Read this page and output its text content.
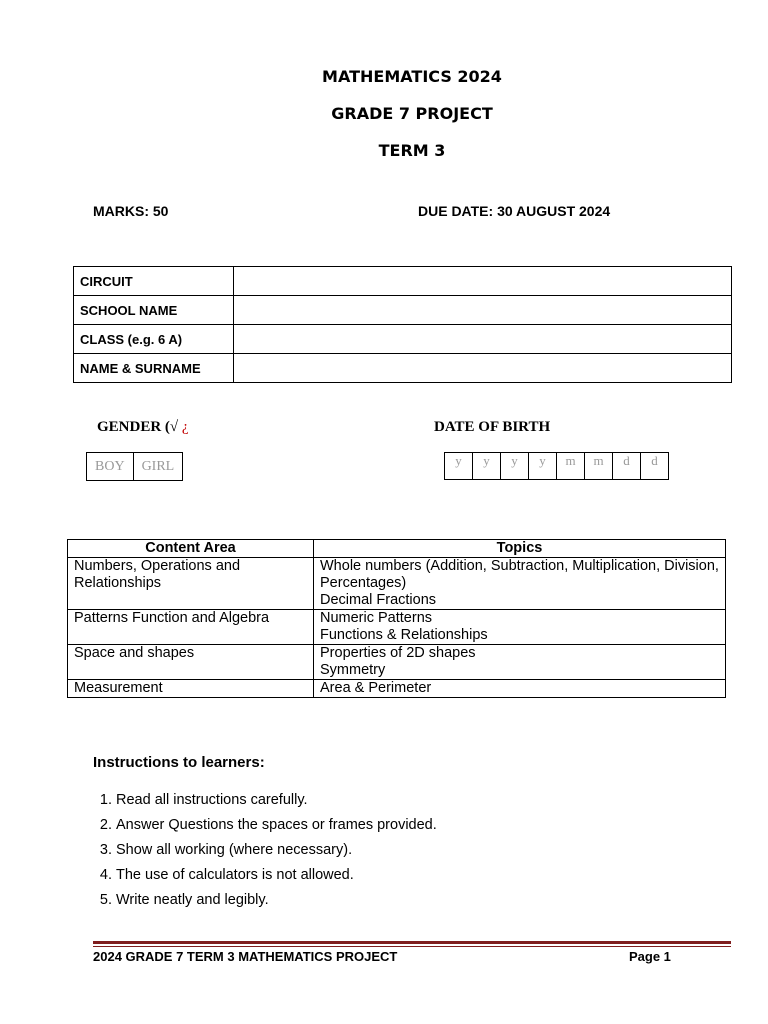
MATHEMATICS 2024
GRADE 7 PROJECT
TERM 3
MARKS: 50	DUE DATE: 30 AUGUST 2024
CIRCUIT	
SCHOOL NAME	
CLASS (e.g. 6 A)	
NAME & SURNAME	
GENDER (√ ¿
BOY	GIRL
DATE OF BIRTH
y	y	y	y	m	m	d	d
Content Area	Topics
Numbers, Operations and Relationships	Whole numbers (Addition, Subtraction, Multiplication, Division, Percentages)
Decimal Fractions

Patterns Function and Algebra	Numeric Patterns
Functions & Relationships

Space and shapes	Properties of 2D shapes
Symmetry

Measurement	Area & Perimeter
Instructions to learners:
1. Read all instructions carefully.
2. Answer Questions the spaces or frames provided.
3. Show all working (where necessary).
4. The use of calculators is not allowed.
5. Write neatly and legibly.
2024 GRADE 7 TERM 3 MATHEMATICS PROJECT	Page 1
